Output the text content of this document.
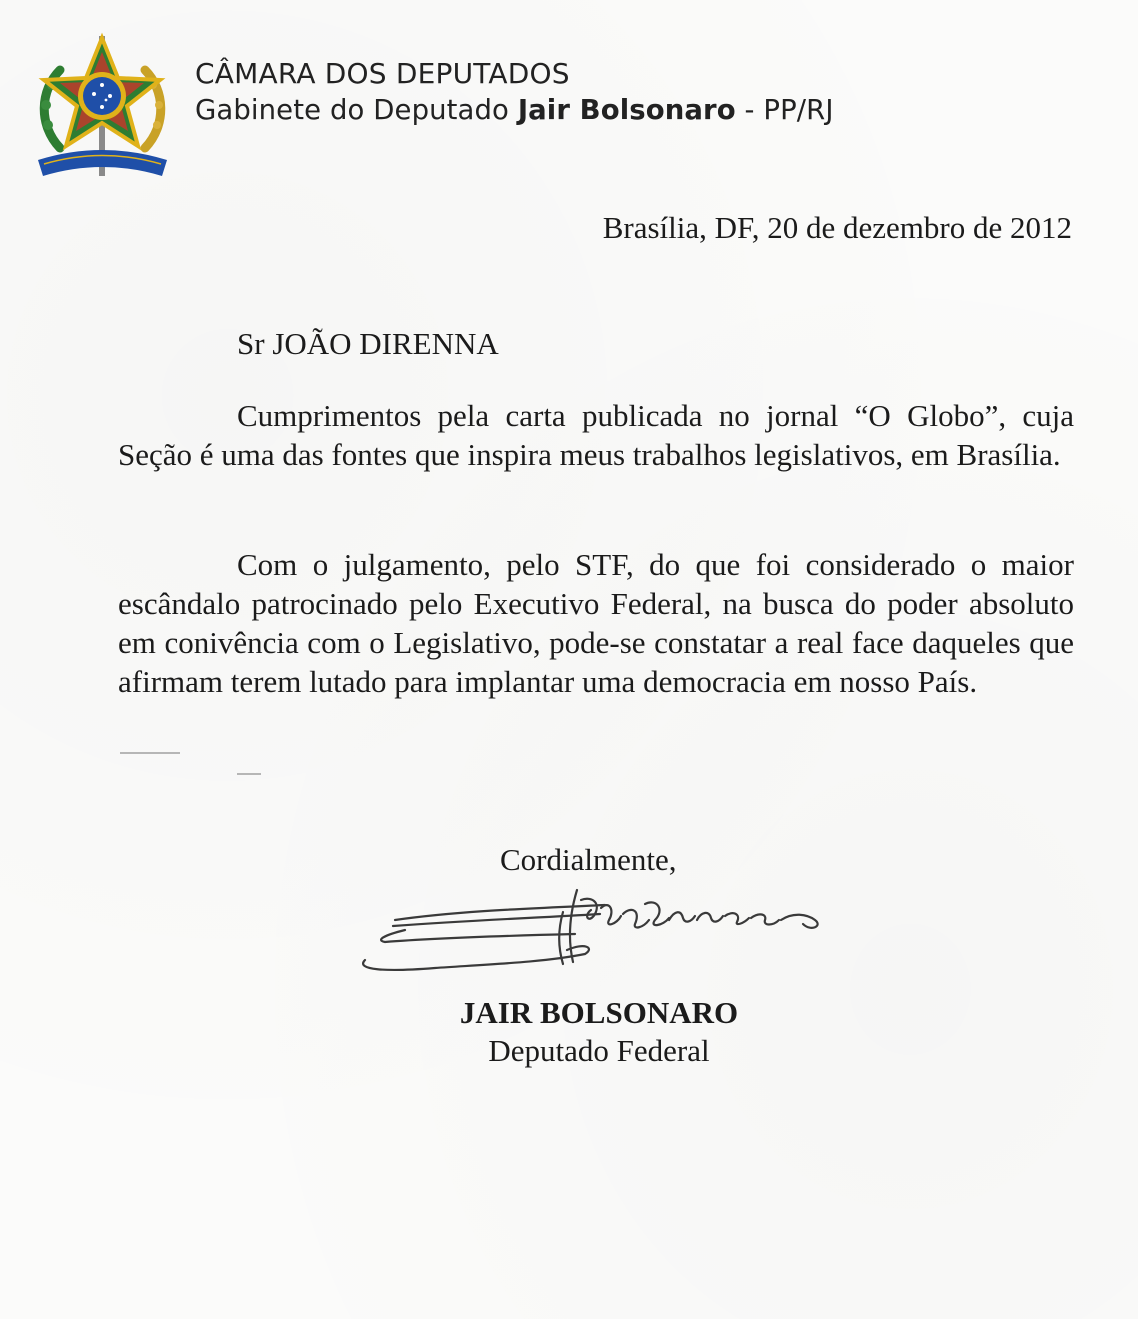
CÂMARA DOS DEPUTADOS
Gabinete do Deputado Jair Bolsonaro - PP/RJ
Brasília, DF, 20 de dezembro de 2012
Sr JOÃO DIRENNA

Cumprimentos pela carta publicada no jornal “O Globo”, cuja Seção é uma das fontes que inspira meus trabalhos legislativos, em Brasília.

Com o julgamento, pelo STF, do que foi considerado o maior escândalo patrocinado pelo Executivo Federal, na busca do poder absoluto em conivência com o Legislativo, pode-se constatar a real face daqueles que afirmam terem lutado para implantar uma democracia em nosso País.

Cordialmente,
JAIR BOLSONARO
Deputado Federal
